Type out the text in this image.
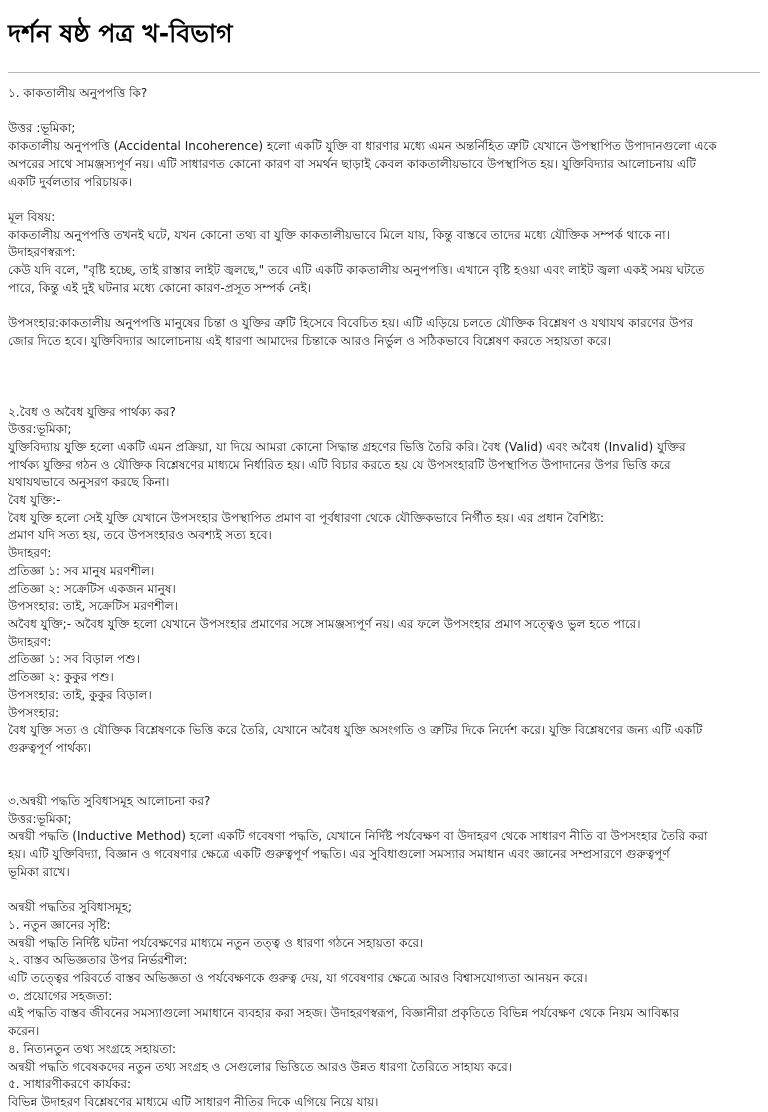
দর্শন ষষ্ঠ পত্র খ-বিভাগ
১. কাকতালীয় অনুপপত্তি কি?
উত্তর :ভূমিকা;
কাকতালীয় অনুপপত্তি (Accidental Incoherence) হলো একটি যুক্তি বা ধারণার মধ্যে এমন অন্তর্নিহিত ত্রুটি যেখানে উপস্থাপিত উপাদানগুলো একে
অপরের সাথে সামঞ্জস্যপূর্ণ নয়। এটি সাধারণত কোনো কারণ বা সমর্থন ছাড়াই কেবল কাকতালীয়ভাবে উপস্থাপিত হয়। যুক্তিবিদ্যার আলোচনায় এটি
একটি দুর্বলতার পরিচায়ক।
মূল বিষয়:
কাকতালীয় অনুপপত্তি তখনই ঘটে, যখন কোনো তথ্য বা যুক্তি কাকতালীয়ভাবে মিলে যায়, কিন্তু বাস্তবে তাদের মধ্যে যৌক্তিক সম্পর্ক থাকে না।
উদাহরণস্বরূপ:
কেউ যদি বলে, "বৃষ্টি হচ্ছে, তাই রাস্তার লাইট জ্বলছে," তবে এটি একটি কাকতালীয় অনুপপত্তি। এখানে বৃষ্টি হওয়া এবং লাইট জ্বলা একই সময় ঘটতে
পারে, কিন্তু এই দুই ঘটনার মধ্যে কোনো কারণ-প্রসূত সম্পর্ক নেই।
উপসংহার:কাকতালীয় অনুপপত্তি মানুষের চিন্তা ও যুক্তির ত্রুটি হিসেবে বিবেচিত হয়। এটি এড়িয়ে চলতে যৌক্তিক বিশ্লেষণ ও যথাযথ কারণের উপর
জোর দিতে হবে। যুক্তিবিদ্যার আলোচনায় এই ধারণা আমাদের চিন্তাকে আরও নির্ভুল ও সঠিকভাবে বিশ্লেষণ করতে সহায়তা করে।
২.বৈধ ও অবৈধ যুক্তির পার্থক্য কর?
উত্তর:ভূমিকা;
যুক্তিবিদ্যায় যুক্তি হলো একটি এমন প্রক্রিয়া, যা দিয়ে আমরা কোনো সিদ্ধান্ত গ্রহণের ভিত্তি তৈরি করি। বৈধ (Valid) এবং অবৈধ (Invalid) যুক্তির
পার্থক্য যুক্তির গঠন ও যৌক্তিক বিশ্লেষণের মাধ্যমে নির্ধারিত হয়। এটি বিচার করতে হয় যে উপসংহারটি উপস্থাপিত উপাদানের উপর ভিত্তি করে
যথাযথভাবে অনুসরণ করছে কিনা।
বৈধ যুক্তি:-
বৈধ যুক্তি হলো সেই যুক্তি যেখানে উপসংহার উপস্থাপিত প্রমাণ বা পূর্বধারণা থেকে যৌক্তিকভাবে নির্গীত হয়। এর প্রধান বৈশিষ্ট্য:
প্রমাণ যদি সত্য হয়, তবে উপসংহারও অবশ্যই সত্য হবে।
উদাহরণ:
প্রতিজ্ঞা ১: সব মানুষ মরণশীল।
প্রতিজ্ঞা ২: সক্রেটিস একজন মানুষ।
উপসংহার: তাই, সক্রেটিস মরণশীল।
অবৈধ যুক্তি;- অবৈধ যুক্তি হলো যেখানে উপসংহার প্রমাণের সঙ্গে সামঞ্জস্যপূর্ণ নয়। এর ফলে উপসংহার প্রমাণ সত্ত্বেও ভুল হতে পারে।
উদাহরণ:
প্রতিজ্ঞা ১: সব বিড়াল পশু।
প্রতিজ্ঞা ২: কুকুর পশু।
উপসংহার: তাই, কুকুর বিড়াল।
উপসংহার:
বৈধ যুক্তি সত্য ও যৌক্তিক বিশ্লেষণকে ভিত্তি করে তৈরি, যেখানে অবৈধ যুক্তি অসংগতি ও ত্রুটির দিকে নির্দেশ করে। যুক্তি বিশ্লেষণের জন্য এটি একটি
গুরুত্বপূর্ণ পার্থক্য।
৩.অন্বয়ী পদ্ধতি সুবিধাসমূহ আলোচনা কর?
উত্তর:ভূমিকা;
অন্বয়ী পদ্ধতি (Inductive Method) হলো একটি গবেষণা পদ্ধতি, যেখানে নির্দিষ্ট পর্যবেক্ষণ বা উদাহরণ থেকে সাধারণ নীতি বা উপসংহার তৈরি করা
হয়। এটি যুক্তিবিদ্যা, বিজ্ঞান ও গবেষণার ক্ষেত্রে একটি গুরুত্বপূর্ণ পদ্ধতি। এর সুবিধাগুলো সমস্যার সমাধান এবং জ্ঞানের সম্প্রসারণে গুরুত্বপূর্ণ
ভূমিকা রাখে।
অন্বয়ী পদ্ধতির সুবিধাসমূহ;
১. নতুন জ্ঞানের সৃষ্টি:
অন্বয়ী পদ্ধতি নির্দিষ্ট ঘটনা পর্যবেক্ষণের মাধ্যমে নতুন তত্ত্ব ও ধারণা গঠনে সহায়তা করে।
২. বাস্তব অভিজ্ঞতার উপর নির্ভরশীল:
এটি তত্ত্বের পরিবর্তে বাস্তব অভিজ্ঞতা ও পর্যবেক্ষণকে গুরুত্ব দেয়, যা গবেষণার ক্ষেত্রে আরও বিশ্বাসযোগ্যতা আনয়ন করে।
৩. প্রয়োগের সহজতা:
এই পদ্ধতি বাস্তব জীবনের সমস্যাগুলো সমাধানে ব্যবহার করা সহজ। উদাহরণস্বরূপ, বিজ্ঞানীরা প্রকৃতিতে বিভিন্ন পর্যবেক্ষণ থেকে নিয়ম আবিষ্কার
করেন।
৪. নিত্যনতুন তথ্য সংগ্রহে সহায়তা:
অন্বয়ী পদ্ধতি গবেষকদের নতুন তথ্য সংগ্রহ ও সেগুলোর ভিত্তিতে আরও উন্নত ধারণা তৈরিতে সাহায্য করে।
৫. সাধারণীকরণে কার্যকর:
বিভিন্ন উদাহরণ বিশ্লেষণের মাধ্যমে এটি সাধারণ নীতির দিকে এগিয়ে নিয়ে যায়।
